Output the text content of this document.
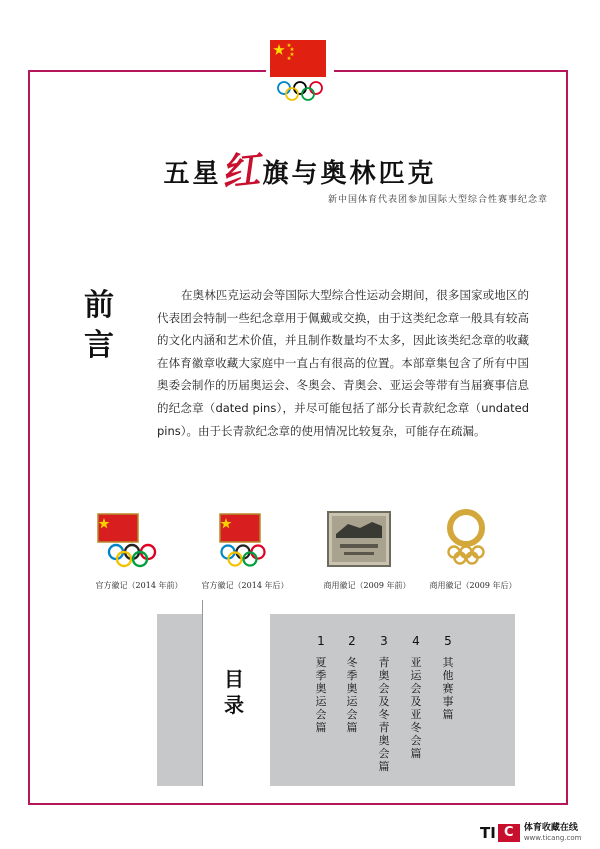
五星红旗与奥林匹克
新中国体育代表团参加国际大型综合性赛事纪念章
前言
在奥林匹克运动会等国际大型综合性运动会期间，很多国家或地区的代表团会特制一些纪念章用于佩戴或交换，由于这类纪念章一般具有较高的文化内涵和艺术价值，并且制作数量均不太多，因此该类纪念章的收藏在体育徽章收藏大家庭中一直占有很高的位置。本部章集包含了所有中国奥委会制作的历届奥运会、冬奥会、青奥会、亚运会等带有当届赛事信息的纪念章（dated pins），并尽可能包括了部分长青款纪念章（undated pins）。由于长青款纪念章的使用情况比较复杂，可能存在疏漏。
官方徽记（2014 年前）	官方徽记（2014 年后）	商用徽记（2009 年前）	商用徽记（2009 年后）
目录
1
夏季奥运会篇
2
冬季奥运会篇
3
青奥会及冬青奥会篇
4
亚运会及亚冬会篇
5
其他赛事篇
TI C	体育收藏在线
www.ticang.com
